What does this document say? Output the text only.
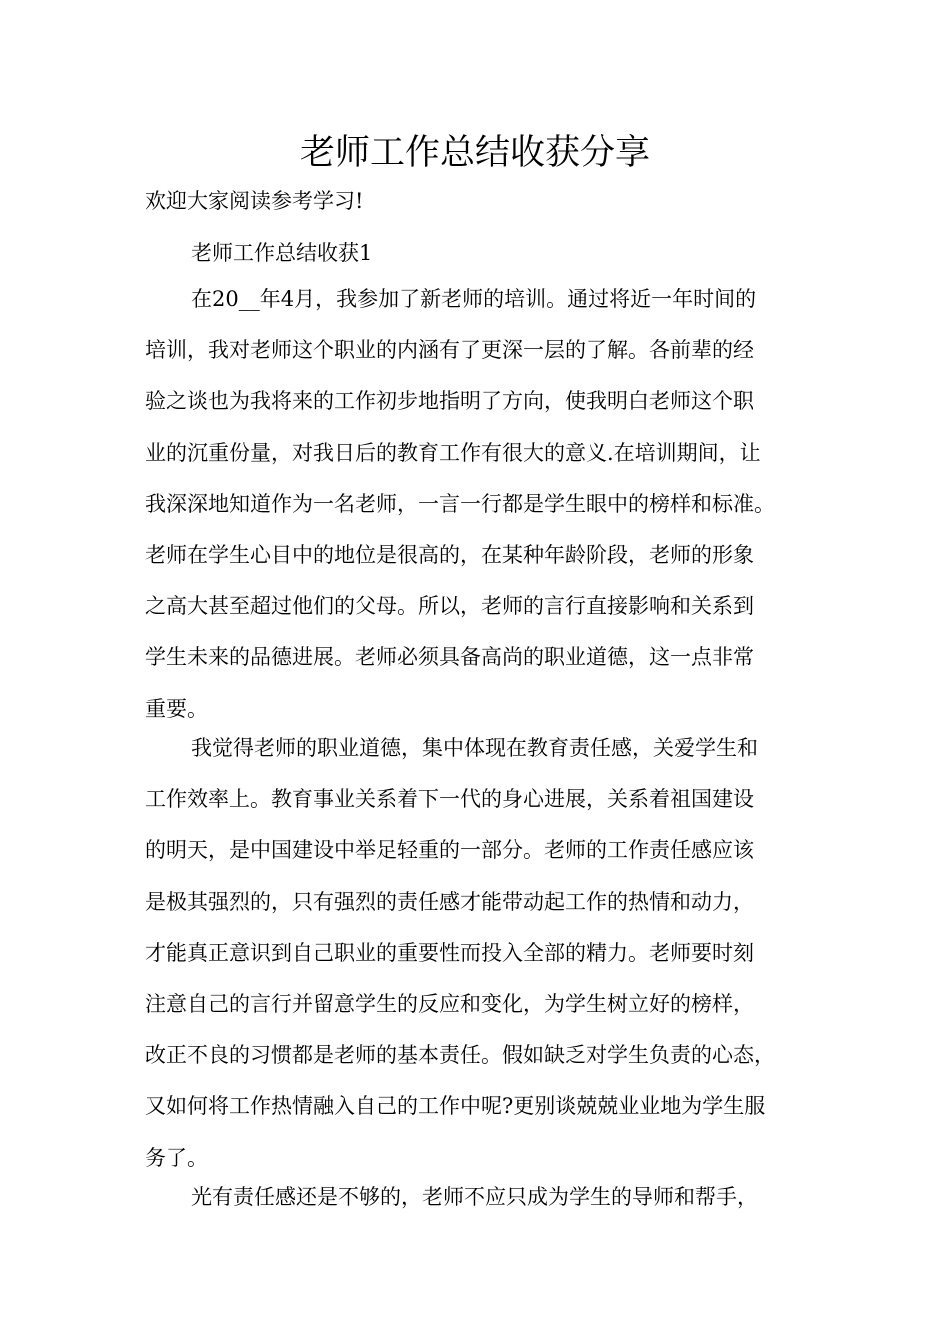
老师工作总结收获分享

欢迎大家阅读参考学习!

老师工作总结收获1

在20__年4月，我参加了新老师的培训。通过将近一年时间的
培训，我对老师这个职业的内涵有了更深一层的了解。各前辈的经
验之谈也为我将来的工作初步地指明了方向，使我明白老师这个职
业的沉重份量，对我日后的教育工作有很大的意义.在培训期间，让
我深深地知道作为一名老师，一言一行都是学生眼中的榜样和标准。
老师在学生心目中的地位是很高的，在某种年龄阶段，老师的形象
之高大甚至超过他们的父母。所以，老师的言行直接影响和关系到
学生未来的品德进展。老师必须具备高尚的职业道德，这一点非常
重要。

我觉得老师的职业道德，集中体现在教育责任感，关爱学生和
工作效率上。教育事业关系着下一代的身心进展，关系着祖国建设
的明天，是中国建设中举足轻重的一部分。老师的工作责任感应该
是极其强烈的，只有强烈的责任感才能带动起工作的热情和动力，
才能真正意识到自己职业的重要性而投入全部的精力。老师要时刻
注意自己的言行并留意学生的反应和变化，为学生树立好的榜样，
改正不良的习惯都是老师的基本责任。假如缺乏对学生负责的心态，
又如何将工作热情融入自己的工作中呢?更别谈兢兢业业地为学生服
务了。

光有责任感还是不够的，老师不应只成为学生的导师和帮手，
